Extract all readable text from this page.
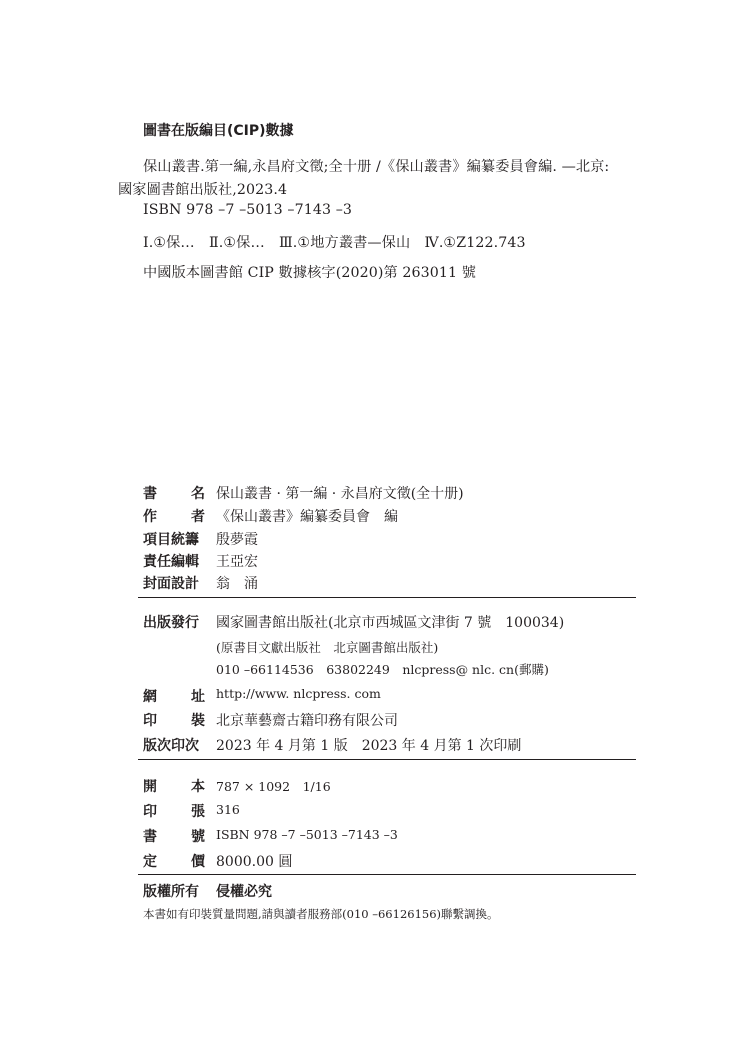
圖書在版編目(CIP)數據
保山叢書.第一編,永昌府文徵;全十册 /《保山叢書》編纂委員會編. —北京:
國家圖書館出版社,2023.4
ISBN 978 –7 –5013 –7143 –3
Ⅰ.①保…　Ⅱ.①保…　Ⅲ.①地方叢書—保山　Ⅳ.①Z122.743
中國版本圖書館 CIP 數據核字(2020)第 263011 號
書　名 保山叢書 · 第一編 · 永昌府文徵(全十册)
作　者 《保山叢書》編纂委員會　編
項目統籌	殷夢霞
責任編輯	王亞宏
封面設計	翁　涌
出版發行	國家圖書館出版社(北京市西城區文津街 7 號　100034)
(原書目文獻出版社　北京圖書館出版社)
010 –66114536　63802249　nlcpress@ nlc. cn(郵購)
網　址 http://www. nlcpress. com
印　裝 北京華藝齋古籍印務有限公司
版次印次	2023 年 4 月第 1 版　2023 年 4 月第 1 次印刷
開　本 787 × 1092　1/16
印　張 316
書　號 ISBN 978 –7 –5013 –7143 –3
定　價 8000.00 圓
版權所有 侵權必究
本書如有印裝質量問題,請與讀者服務部(010 –66126156)聯繫調換。
